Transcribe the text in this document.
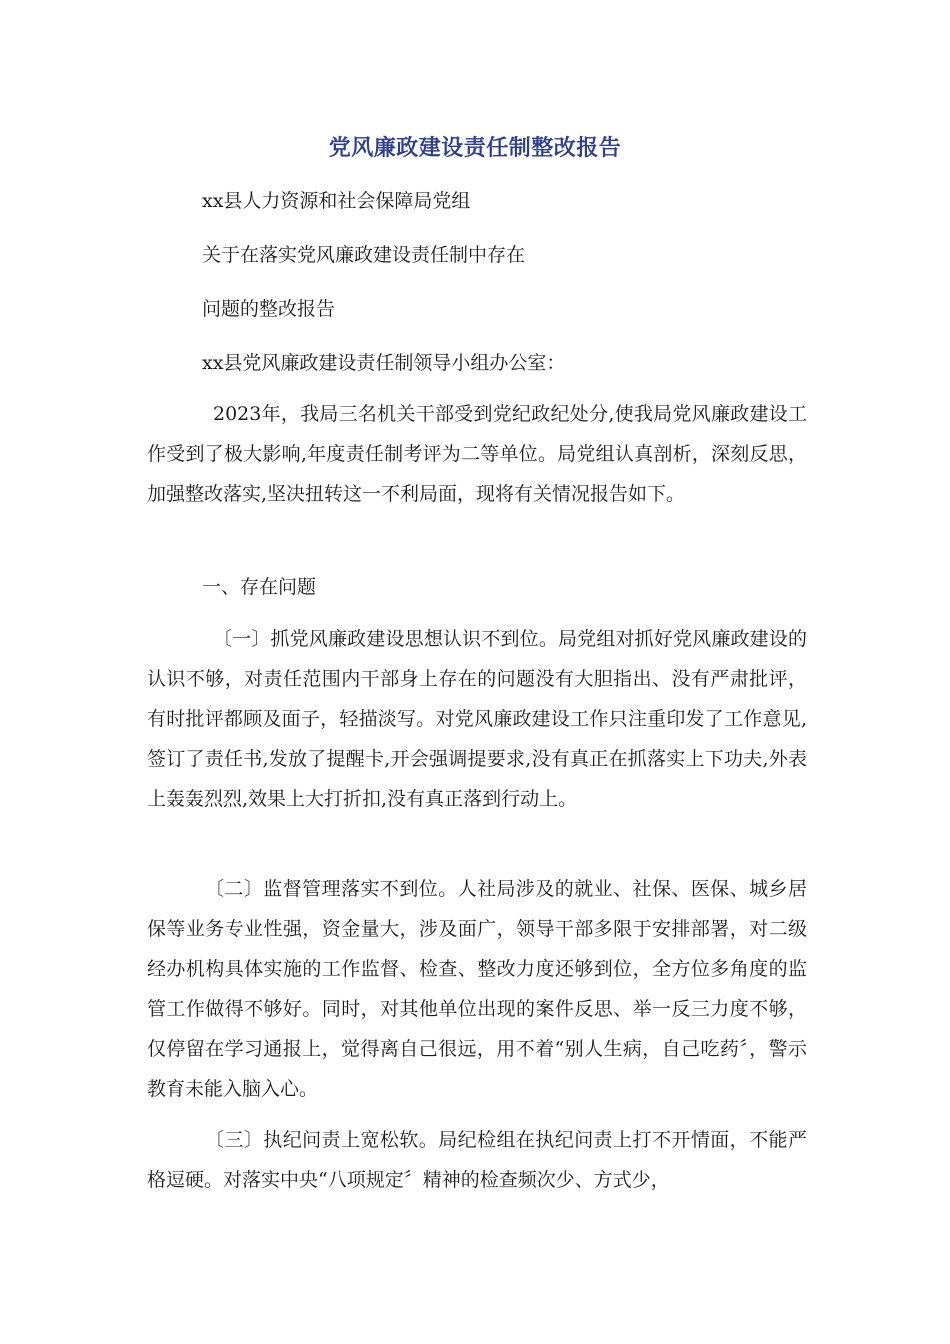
党风廉政建设责任制整改报告

xx县人力资源和社会保障局党组

关于在落实党风廉政建设责任制中存在

问题的整改报告

xx县党风廉政建设责任制领导小组办公室：

2023年，我局三名机关干部受到党纪政纪处分,使我局党风廉政建设工作受到了极大影响,年度责任制考评为二等单位。局党组认真剖析，深刻反思，加强整改落实,坚决扭转这一不利局面，现将有关情况报告如下。

一、存在问题

〔一〕抓党风廉政建设思想认识不到位。局党组对抓好党风廉政建设的认识不够，对责任范围内干部身上存在的问题没有大胆指出、没有严肃批评，有时批评都顾及面子，轻描淡写。对党风廉政建设工作只注重印发了工作意见,签订了责任书,发放了提醒卡,开会强调提要求,没有真正在抓落实上下功夫,外表上轰轰烈烈,效果上大打折扣,没有真正落到行动上。

〔二〕监督管理落实不到位。人社局涉及的就业、社保、医保、城乡居保等业务专业性强，资金量大，涉及面广，领导干部多限于安排部署，对二级经办机构具体实施的工作监督、检查、整改力度还够到位，全方位多角度的监管工作做得不够好。同时，对其他单位出现的案件反思、举一反三力度不够，仅停留在学习通报上，觉得离自己很远，用不着“别人生病，自己吃药〞，警示教育未能入脑入心。

〔三〕执纪问责上宽松软。局纪检组在执纪问责上打不开情面，不能严格逗硬。对落实中央“八项规定〞精神的检查频次少、方式少，
